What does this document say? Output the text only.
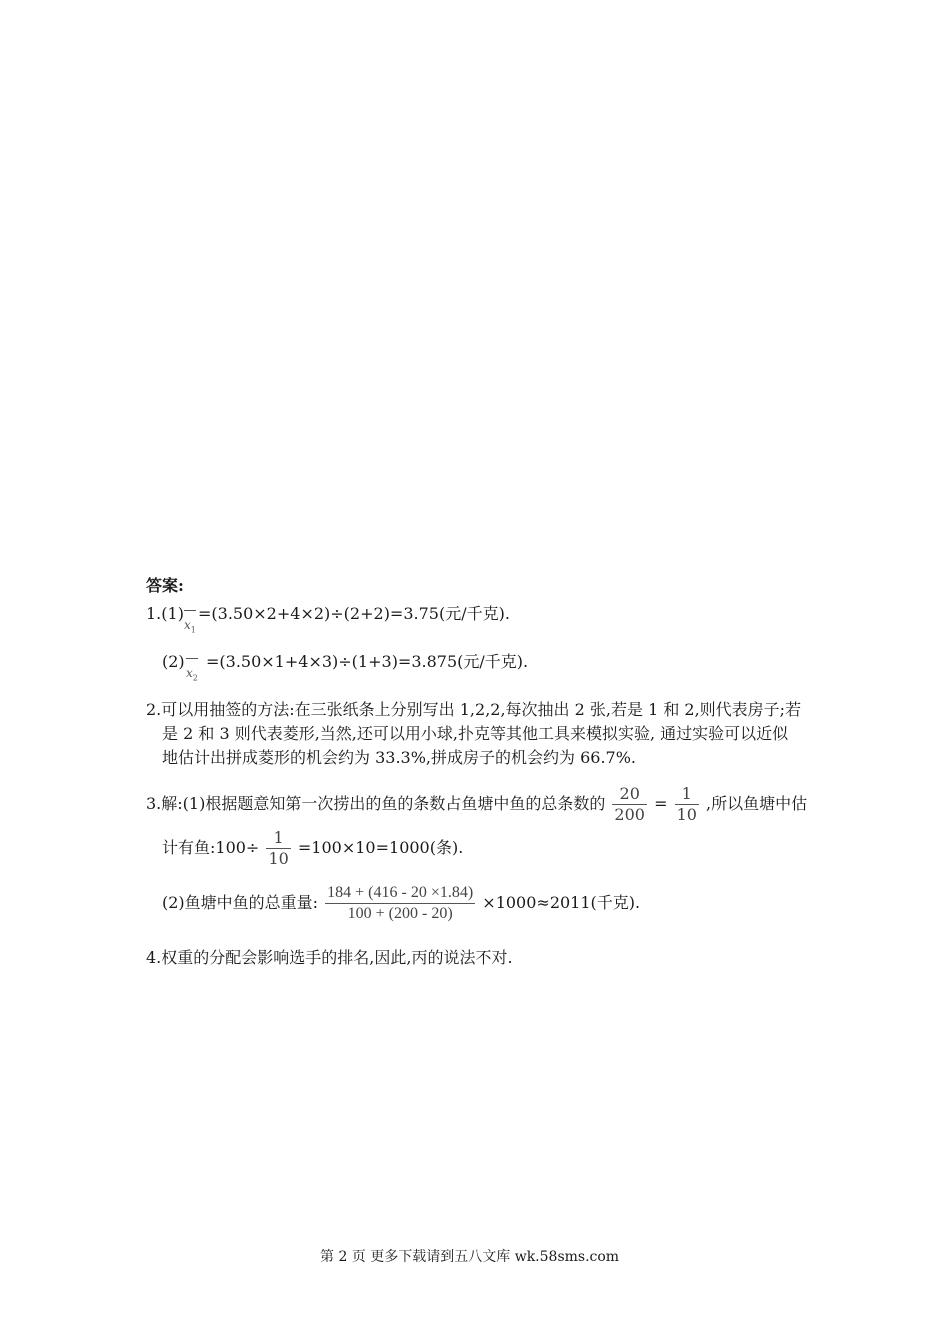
答案:
1.(1)
$x_1$
=(3.50×2+4×2)÷(2+2)=3.75(元/千克).
(2)
$x_2$
=(3.50×1+4×3)÷(1+3)=3.875(元/千克).
2.可以用抽签的方法:在三张纸条上分别写出 1,2,2,每次抽出 2 张,若是 1 和 2,则代表房子;若
是 2 和 3 则代表菱形,当然,还可以用小球,扑克等其他工具来模拟实验, 通过实验可以近似
地估计出拼成菱形的机会约为 33.3%,拼成房子的机会约为 66.7%.
3.解:(1)根据题意知第一次捞出的鱼的条数占鱼塘中鱼的总条数的 $\frac{20}{200} = \frac{1}{10}$ ,所以鱼塘中估
计有鱼:100÷ $\frac{1}{10} =100\times 10=1000$(条).
(2)鱼塘中鱼的总重量: $\frac{184 + (416 - 20 \times 1.84)}{100 + (200 - 20)} \times 1000\approx 2011$(千克).
4.权重的分配会影响选手的排名,因此,丙的说法不对.
第 2 页 更多下载请到五八文库 wk.58sms.com
